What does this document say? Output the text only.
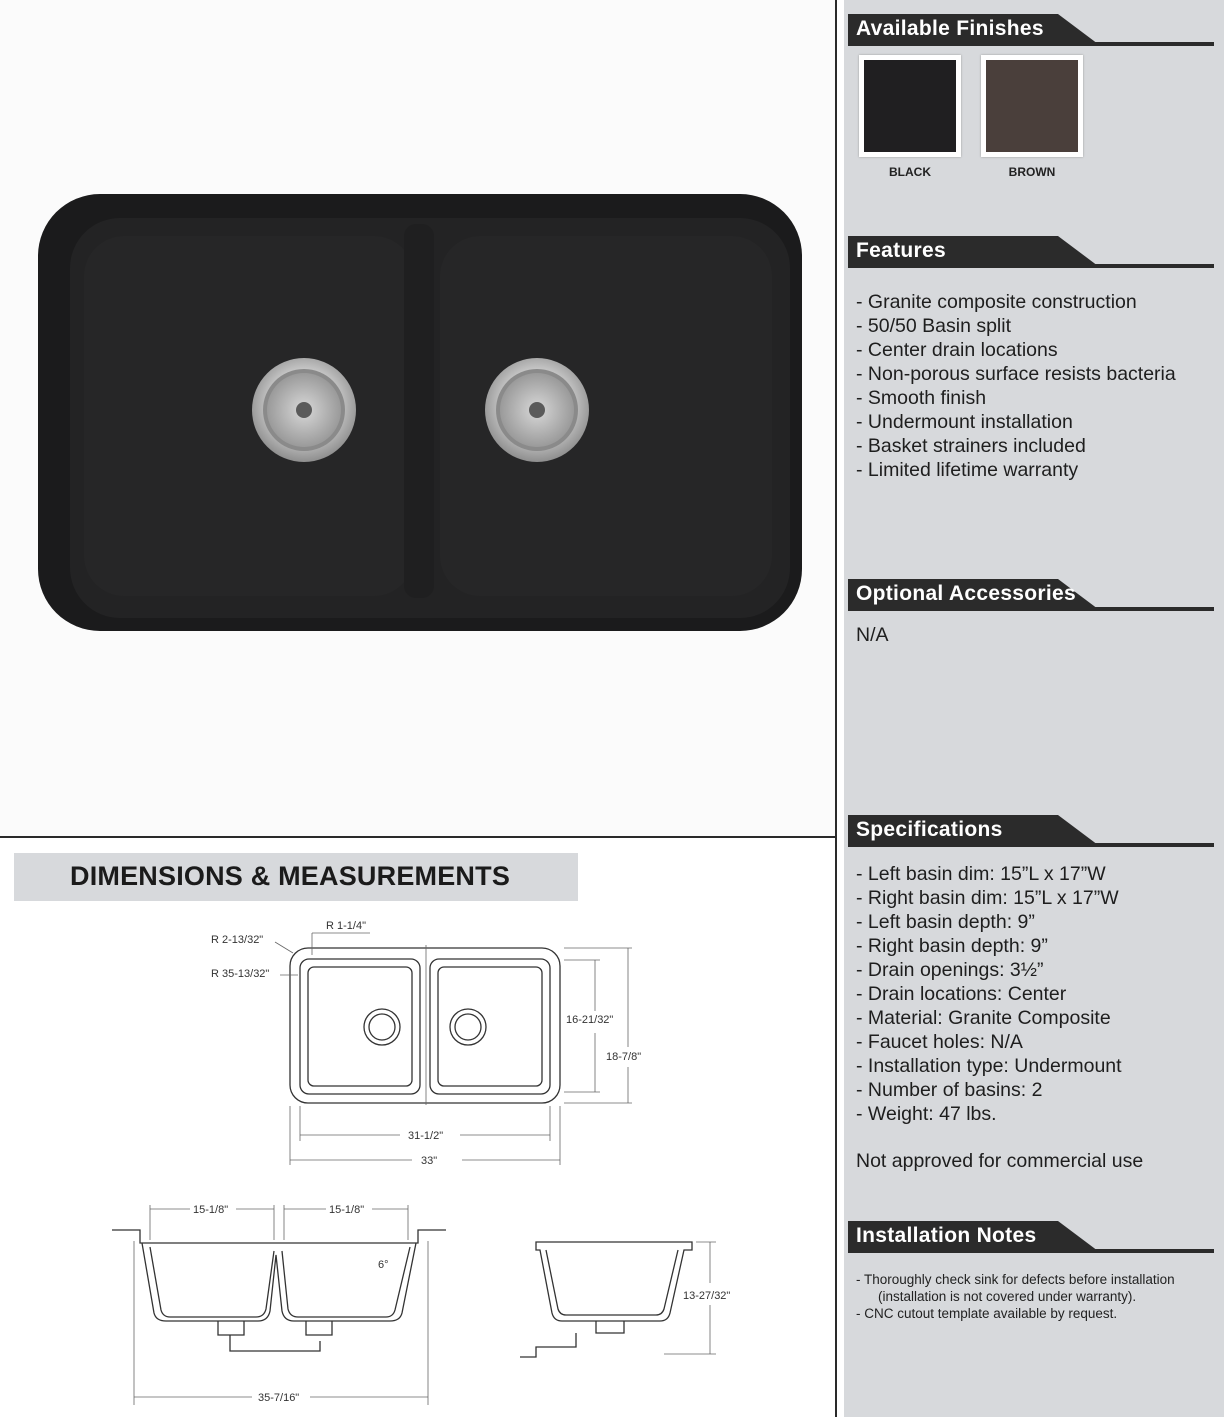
Available Finishes
BLACK	BROWN
Features
- Granite composite construction
- 50/50 Basin split
- Center drain locations
- Non-porous surface resists bacteria
- Smooth finish
- Undermount installation
- Basket strainers included
- Limited lifetime warranty
Optional Accessories
N/A
Specifications
- Left basin dim: 15”L x 17”W
- Right basin dim: 15”L x 17”W
- Left basin depth: 9”
- Right basin depth: 9”
- Drain openings: 3½”
- Drain locations: Center
- Material: Granite Composite
- Faucet holes: N/A
- Installation type: Undermount
- Number of basins: 2
- Weight: 47 lbs.
Not approved for commercial use
Installation Notes
- Thoroughly check sink for defects before installation (installation is not covered under warranty).
- CNC cutout template available by request.
DIMENSIONS & MEASUREMENTS
R 1-1/4"
R 2-13/32"
R 35-13/32"
16-21/32"
18-7/8"
31-1/2"
33"
15-1/8"	15-1/8"
6°
35-7/16"
13-27/32"
